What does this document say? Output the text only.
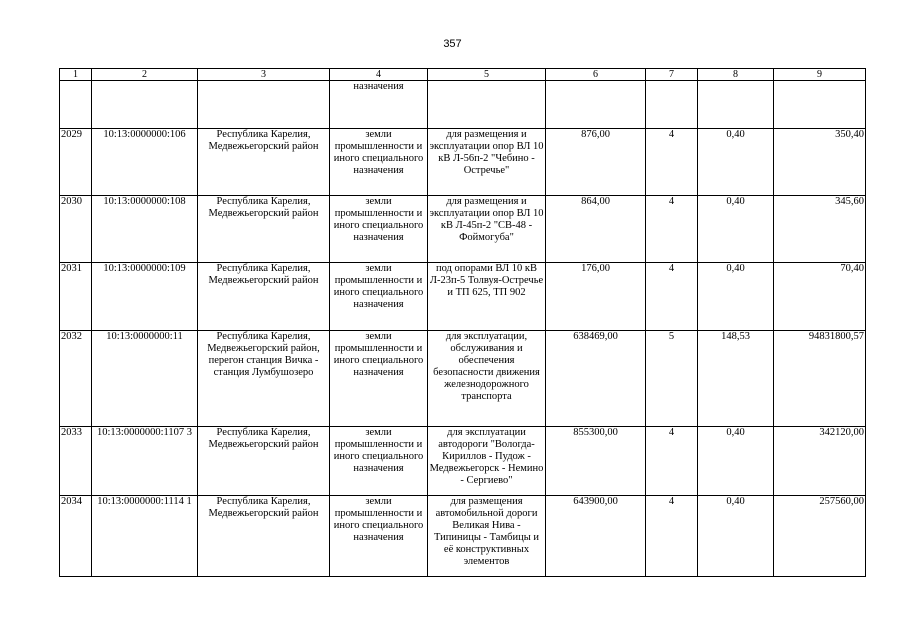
357
1	2	3	4	5	6	7	8	9
			назначения					
2029	10:13:0000000:106	Республика Карелия, Медвежьегорский район	земли промышленности и иного специального назначения	для размещения и эксплуатации опор ВЛ 10 кВ Л-56п-2 "Чебино - Остречье"	876,00	4	0,40	350,40
2030	10:13:0000000:108	Республика Карелия, Медвежьегорский район	земли промышленности и иного специального назначения	для размещения и эксплуатации опор ВЛ 10 кВ Л-45п-2 "СВ-48 - Фоймогуба"	864,00	4	0,40	345,60
2031	10:13:0000000:109	Республика Карелия, Медвежьегорский район	земли промышленности и иного специального назначения	под опорами ВЛ 10 кВ Л-23п-5 Толвуя-Остречье и ТП 625, ТП 902	176,00	4	0,40	70,40
2032	10:13:0000000:11	Республика Карелия, Медвежьегорский район, перегон станция Вичка - станция Лумбушозеро	земли промышленности и иного специального назначения	для эксплуатации, обслуживания и обеспечения безопасности движения железнодорожного транспорта	638469,00	5	148,53	94831800,57
2033	10:13:0000000:1107 3	Республика Карелия, Медвежьегорский район	земли промышленности и иного специального назначения	для эксплуатации автодороги "Вологда-Кириллов - Пудож - Медвежьегорск - Немино - Сергиево"	855300,00	4	0,40	342120,00
2034	10:13:0000000:1114 1	Республика Карелия, Медвежьегорский район	земли промышленности и иного специального назначения	для размещения автомобильной дороги Великая Нива - Типиницы - Тамбицы и её конструктивных элементов	643900,00	4	0,40	257560,00
